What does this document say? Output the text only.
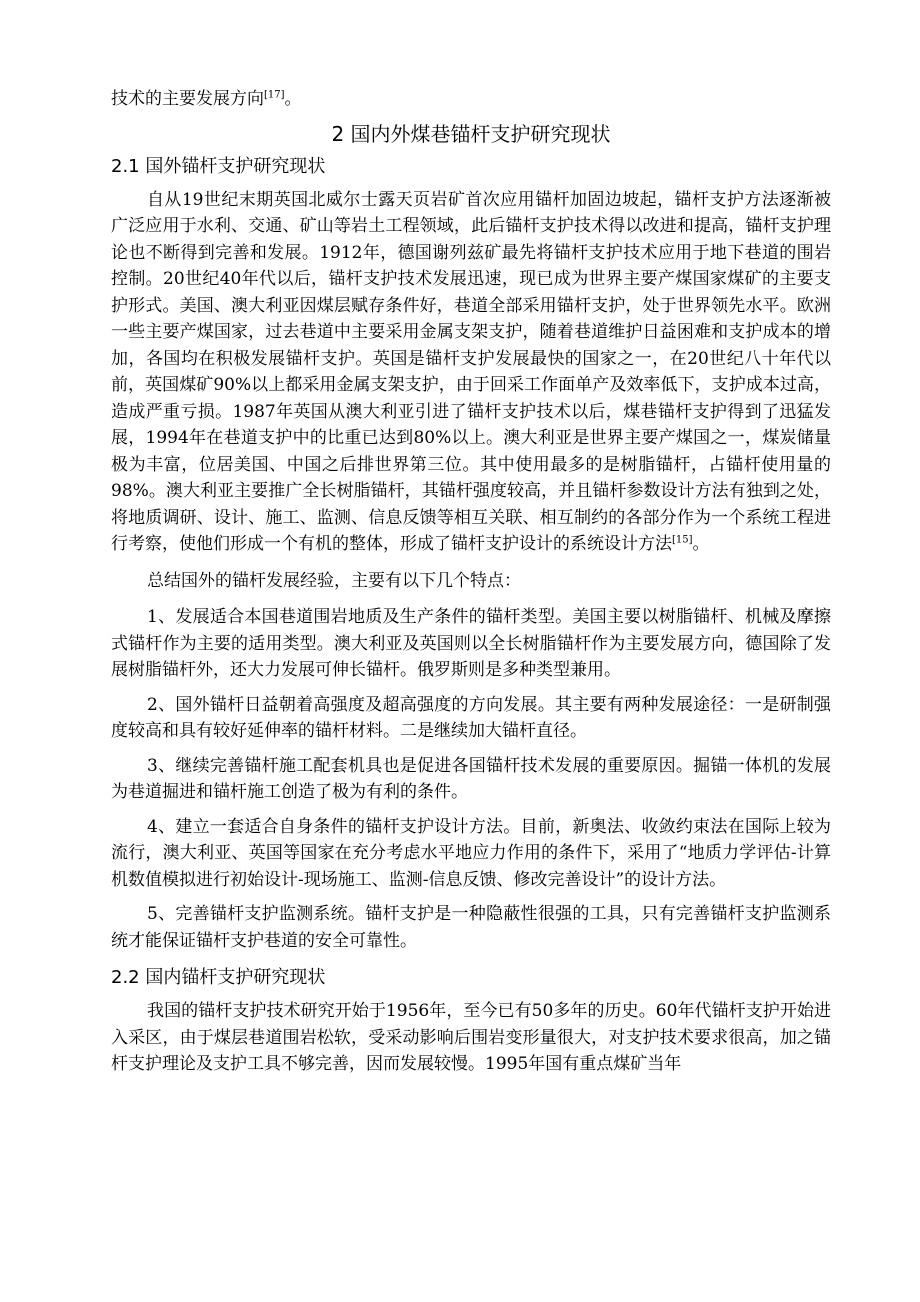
技术的主要发展方向[17]。

2 国内外煤巷锚杆支护研究现状
2.1 国外锚杆支护研究现状

自从19世纪末期英国北威尔士露天页岩矿首次应用锚杆加固边坡起，锚杆支护方法逐渐被广泛应用于水利、交通、矿山等岩土工程领域，此后锚杆支护技术得以改进和提高，锚杆支护理论也不断得到完善和发展。1912年，德国谢列兹矿最先将锚杆支护技术应用于地下巷道的围岩控制。20世纪40年代以后，锚杆支护技术发展迅速，现已成为世界主要产煤国家煤矿的主要支护形式。美国、澳大利亚因煤层赋存条件好，巷道全部采用锚杆支护，处于世界领先水平。欧洲一些主要产煤国家，过去巷道中主要采用金属支架支护，随着巷道维护日益困难和支护成本的增加，各国均在积极发展锚杆支护。英国是锚杆支护发展最快的国家之一，在20世纪八十年代以前，英国煤矿90%以上都采用金属支架支护，由于回采工作面单产及效率低下，支护成本过高，造成严重亏损。1987年英国从澳大利亚引进了锚杆支护技术以后，煤巷锚杆支护得到了迅猛发展，1994年在巷道支护中的比重已达到80%以上。澳大利亚是世界主要产煤国之一，煤炭储量极为丰富，位居美国、中国之后排世界第三位。其中使用最多的是树脂锚杆，占锚杆使用量的98%。澳大利亚主要推广全长树脂锚杆，其锚杆强度较高，并且锚杆参数设计方法有独到之处，将地质调研、设计、施工、监测、信息反馈等相互关联、相互制约的各部分作为一个系统工程进行考察，使他们形成一个有机的整体，形成了锚杆支护设计的系统设计方法[15]。

总结国外的锚杆发展经验，主要有以下几个特点：

1、发展适合本国巷道围岩地质及生产条件的锚杆类型。美国主要以树脂锚杆、机械及摩擦式锚杆作为主要的适用类型。澳大利亚及英国则以全长树脂锚杆作为主要发展方向，德国除了发展树脂锚杆外，还大力发展可伸长锚杆。俄罗斯则是多种类型兼用。

2、国外锚杆日益朝着高强度及超高强度的方向发展。其主要有两种发展途径：一是研制强度较高和具有较好延伸率的锚杆材料。二是继续加大锚杆直径。

3、继续完善锚杆施工配套机具也是促进各国锚杆技术发展的重要原因。掘锚一体机的发展为巷道掘进和锚杆施工创造了极为有利的条件。

4、建立一套适合自身条件的锚杆支护设计方法。目前，新奥法、收敛约束法在国际上较为流行，澳大利亚、英国等国家在充分考虑水平地应力作用的条件下，采用了“地质力学评估-计算机数值模拟进行初始设计-现场施工、监测-信息反馈、修改完善设计”的设计方法。

5、完善锚杆支护监测系统。锚杆支护是一种隐蔽性很强的工具，只有完善锚杆支护监测系统才能保证锚杆支护巷道的安全可靠性。

2.2 国内锚杆支护研究现状

我国的锚杆支护技术研究开始于1956年，至今已有50多年的历史。60年代锚杆支护开始进入采区，由于煤层巷道围岩松软，受采动影响后围岩变形量很大，对支护技术要求很高，加之锚杆支护理论及支护工具不够完善，因而发展较慢。1995年国有重点煤矿当年
